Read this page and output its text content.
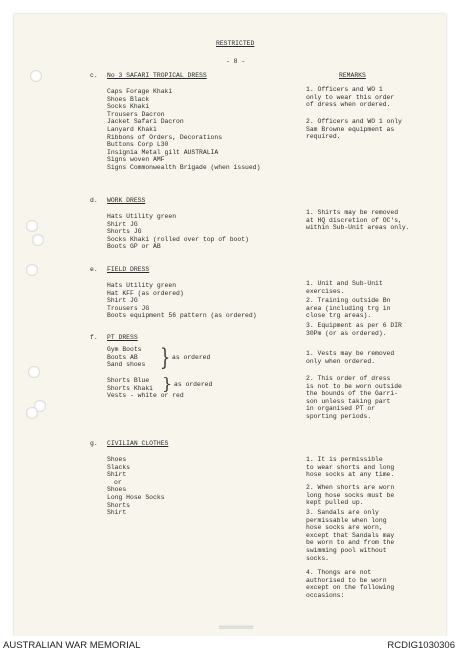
RESTRICTED
- 8 -
REMARKS
c. No 3 SAFARI TROPICAL DRESS
Caps Forage Khaki
Shoes Black
Socks Khaki
Trousers Dacron
Jacket Safari Dacron
Lanyard Khaki
Ribbons of Orders, Decorations
Buttons Corp L30
Insignia Metal gilt AUSTRALIA
Signs woven AMF
Signs Commonwealth Brigade (when issued)
1. Officers and WO 1
only to wear this order
of dress when ordered.
2. Officers and WO 1 only
Sam Browne equipment as
required.
d. WORK DRESS
Hats Utility green
Shirt JG
Shorts JG
Socks Khaki (rolled over top of boot)
Boots GP or AB
1. Shirts may be removed
at HQ discretion of OC's,
within Sub-Unit areas only.
e. FIELD DRESS
Hats Utility green
Hat KFF (as ordered)
Shirt JG
Trousers JG
Boots equipment 56 pattern (as ordered)
1. Unit and Sub-Unit
exercises.
2. Training outside Bn
area (including trg in
close trg areas).
3. Equipment as per 6 DIR
30Pm (or as ordered).
f. PT DRESS
Gym Boots
Boots AB
Sand shoes } as ordered
Shorts Blue
Shorts Khaki } as ordered
Vests - white or red
1. Vests may be removed
only when ordered.
2. This order of dress
is not to be worn outside
the bounds of the Garri-
son unless taking part
in organised PT or
sporting periods.
g. CIVILIAN CLOTHES
Shoes
Slacks
Shirt
or
Shoes
Long Hose Socks
Shorts
Shirt
1. It is permissible
to wear shorts and long
hose socks at any time.
2. When shorts are worn
long hose socks must be
kept pulled up.
3. Sandals are only
permissable when long
hose socks are worn,
except that Sandals may
be worn to and from the
swimming pool without
socks.
4. Thongs are not
authorised to be worn
except on the following
occasions:
▒▒▒▒▒▒▒▒▒▒▒▒▒▒▒▒▒▒▒
AUSTRALIAN WAR MEMORIAL	RCDIG1030306
